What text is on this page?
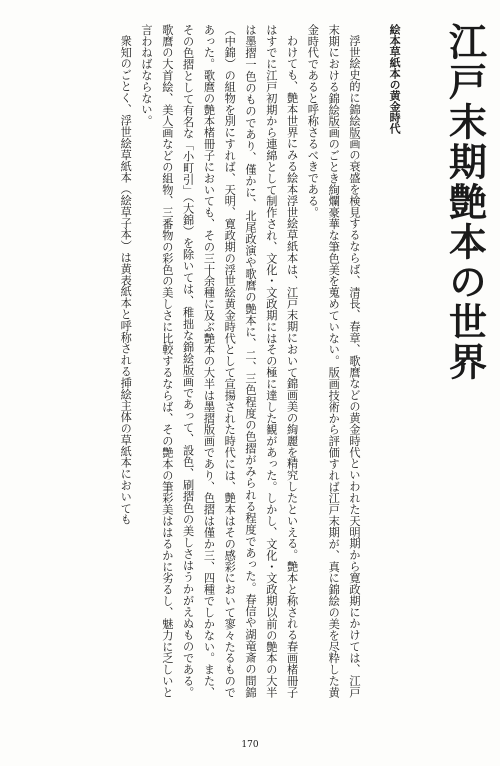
江戸末期艶本の世界
絵本草紙本の黄金時代

浮世絵史的に錦絵版画の衰盛を検見するならば、清長、春章、歌麿などの黄金時代といわれた天明期から寛政期にかけては、江戸末期における錦絵版画のごとき絢爛豪華な筆色美を蒐めていない。版画技術から評価すれば江戸末期が、真に錦絵の美を尽粋した黄金時代であると呼称さるべきである。

わけても、艶本世界にみる絵本浮世絵草紙本は、江戸末期において錦画美の絢麗を精究したといえる。艶本と称される春画楮冊子はすでに江戸初期から連綿として制作され、文化・文政期にはその極に達した観があった。しかし、文化・文政期以前の艶本の大半は墨摺一色のものであり、僅かに、北尾政演や歌麿の艶本に、二、三色程度の色摺がみられる程度であった。春信や湖竜斎の間錦（中錦）の組物を別にすれば、天明、寛政期の浮世絵黄金時代として宣揚された時代には、艶本はその感彩において寥々たるものであった。歌麿の艶本楮冊子においても、その三十余種に及ぶ艶本の大半は墨摺版画であり、色摺は僅か三、四種でしかない。また、その色摺として有名な「小町引」（大錦）を除いては、稚拙な錦絵版画であって、設色、刷摺色の美しさはうかがえぬものである。歌麿の大首絵、美人画などの組物、三番物の彩色の美しさに比較するならば、その艶本の筆彩美ははるかに劣るし、魅力に乏しいと言わねばならない。

衆知のごとく、浮世絵草紙本（絵草子本）は黄表紙本と呼称される挿絵主体の草紙本においても

170
